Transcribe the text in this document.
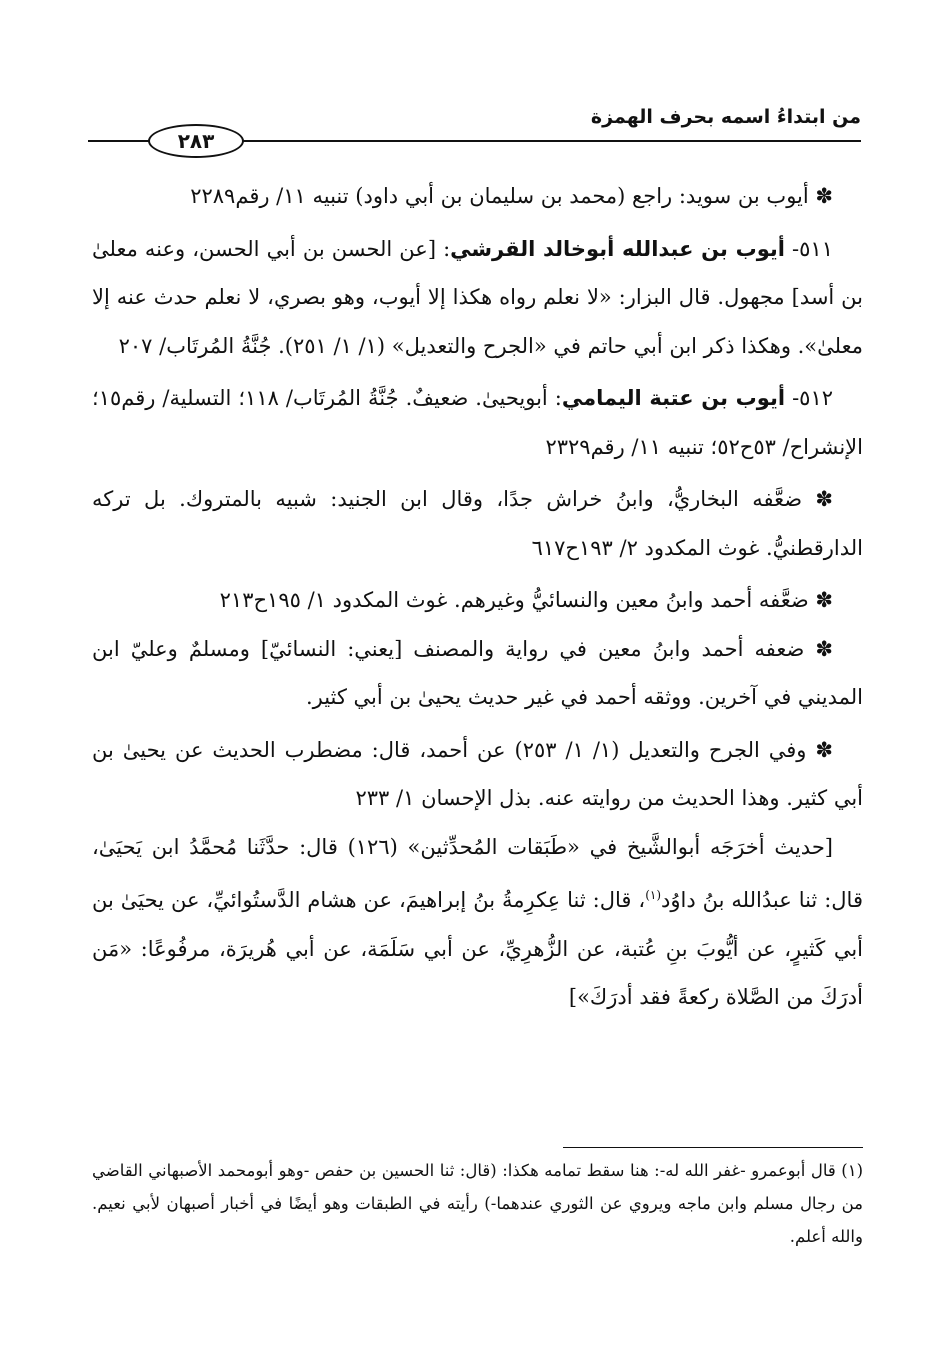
من ابتداءُ اسمه بحرف الهمزة
٢٨٣

✽ أيوب بن سويد: راجع (محمد بن سليمان بن أبي داود) تنبيه ١١/ رقم٢٢٨٩

٥١١- أيوب بن عبدالله أبوخالد القرشي: [عن الحسن بن أبي الحسن، وعنه معلىٰ بن أسد] مجهول. قال البزار: «لا نعلم رواه هكذا إلا أيوب، وهو بصري، لا نعلم حدث عنه إلا معلىٰ». وهكذا ذكر ابن أبي حاتم في «الجرح والتعديل» (١/ ١/ ٢٥١). جُنَّةُ المُرتَاب/ ٢٠٧

٥١٢- أيوب بن عتبة اليمامي: أبويحيىٰ. ضعيفٌ. جُنَّةُ المُرتَاب/ ١١٨؛ التسلية/ رقم١٥؛ الإنشراح/ ٥٣ح٥٢؛ تنبيه ١١/ رقم٢٣٢٩

✽ ضعَّفه البخاريُّ، وابنُ خراش جدًا، وقال ابن الجنيد: شبيه بالمتروك. بل تركه الدارقطنيُّ. غوث المكدود ٢/ ١٩٣ح٦١٧

✽ ضعَّفه أحمد وابنُ معين والنسائيُّ وغيرهم. غوث المكدود ١/ ١٩٥ح٢١٣

✽ ضعفه أحمد وابنُ معين في رواية والمصنف [يعني: النسائيّ] ومسلمٌ وعليّ ابن المديني في آخرين. ووثقه أحمد في غير حديث يحيىٰ بن أبي كثير.

✽ وفي الجرح والتعديل (١/ ١/ ٢٥٣) عن أحمد، قال: مضطرب الحديث عن يحيىٰ بن أبي كثير. وهذا الحديث من روايته عنه. بذل الإحسان ١/ ٢٣٣

[حديث أخرَجَه أبوالشَّيخ في «طَبَقات المُحدِّثين» (١٢٦) قال: حدَّثَنا مُحمَّدُ ابن يَحيَىٰ، قال: ثنا عبدُالله بنُ داوُد$^{(١)}$، قال: ثنا عِكرِمةُ بنُ إبراهيمَ، عن هشام الدَّستُوائيِّ، عن يحيَىٰ بن أبي كَثيرٍ، عن أيُّوبَ بنِ عُتبة، عن الزُّهرِيِّ، عن أبي سَلَمَة، عن أبي هُريرَة، مرفُوعًا: «مَن أدرَكَ من الصَّلاة ركعةً فقد أدرَكَ»]

(١) قال أبوعمرو -غفر الله له-: هنا سقط تمامه هكذا: (قال: ثنا الحسين بن حفص -وهو أبومحمد الأصبهاني القاضي من رجال مسلم وابن ماجه ويروي عن الثوري عندهما-) رأيته في الطبقات وهو أيضًا في أخبار أصبهان لأبي نعيم. والله أعلم.
